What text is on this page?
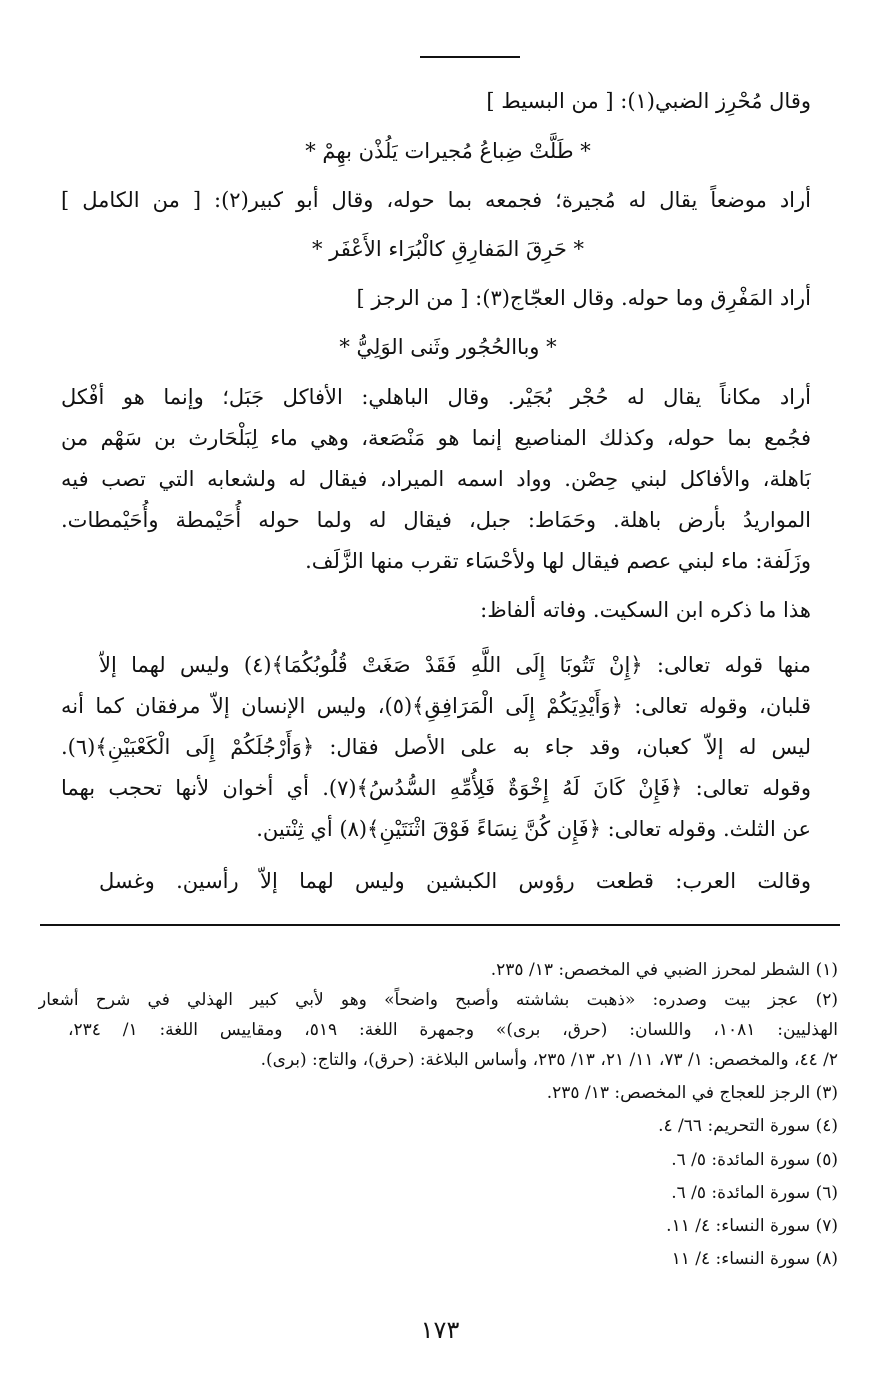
وقال مُحْرِز الضبي(١): [ من البسيط ]
* طَلَّتْ ضِباعُ مُجيرات يَلُذْن بهِمْ *
أراد موضعاً يقال له مُجيرة؛ فجمعه بما حوله، وقال أبو كبير(٢): [ من الكامل ]
* حَرِقَ المَفارِقِ كالْبُرَاء الأَعْفَر *
أراد المَفْرِق وما حوله. وقال العجّاج(٣): [ من الرجز ]
* وباالحُجُور وثَنى الوَلِيُّ *
أراد مكاناً يقال له حُجْر بُجَيْر. وقال الباهلي: الأفاكل جَبَل؛ وإنما هو أفْكل
فجُمع بما حوله، وكذلك المناصيع إنما هو مَنْصَعة، وهي ماء لِبَلْحَارث بن سَهْم من
بَاهلة، والأفاكل لبني حِصْن. وواد اسمه الميراد، فيقال له ولشعابه التي تصب فيه
المواريدُ بأرض باهلة. وحَمَاط: جبل، فيقال له ولما حوله أُحَيْمطة وأُحَيْمطات.
وزَلَفة: ماء لبني عصم فيقال لها ولأحْسَاء تقرب منها الزَّلَف.
هذا ما ذكره ابن السكيت. وفاته ألفاظ:
منها قوله تعالى: ﴿إِنْ تَتُوبَا إِلَى اللَّهِ فَقَدْ صَغَتْ قُلُوبُكُمَا﴾(٤) وليس لهما إلاّ
قلبان، وقوله تعالى: ﴿وَأَيْدِيَكُمْ إِلَى الْمَرَافِقِ﴾(٥)، وليس الإنسان إلاّ مرفقان كما أنه
ليس له إلاّ كعبان، وقد جاء به على الأصل فقال: ﴿وَأَرْجُلَكُمْ إِلَى الْكَعْبَيْنِ﴾(٦).
وقوله تعالى: ﴿فَإِنْ كَانَ لَهُ إِخْوَةٌ فَلِأُمِّهِ السُّدُسُ﴾(٧). أي أخوان لأنها تحجب بهما
عن الثلث. وقوله تعالى: ﴿فَإِن كُنَّ نِسَاءً فَوْقَ اثْنَتَيْنِ﴾(٨) أي ثِنْتين.
وقالت العرب: قطعت رؤوس الكبشين وليس لهما إلاّ رأسين. وغسل
(١) الشطر لمحرز الضبي في المخصص: ١٣/ ٢٣٥.
(٢) عجز بيت وصدره: «ذهبت بشاشته وأصبح واضحاً» وهو لأبي كبير الهذلي في شرح أشعار
الهذليين: ١٠٨١، واللسان: (حرق، برى)» وجمهرة اللغة: ٥١٩، ومقاييس اللغة: ١/ ٢٣٤،
٢/ ٤٤، والمخصص: ١/ ٧٣، ١١/ ٢١، ١٣/ ٢٣٥، وأساس البلاغة: (حرق)، والتاج: (برى).
(٣) الرجز للعجاج في المخصص: ١٣/ ٢٣٥.
(٤) سورة التحريم: ٦٦/ ٤.
(٥) سورة المائدة: ٥/ ٦.
(٦) سورة المائدة: ٥/ ٦.
(٧) سورة النساء: ٤/ ١١.
(٨) سورة النساء: ٤/ ١١
١٧٣
